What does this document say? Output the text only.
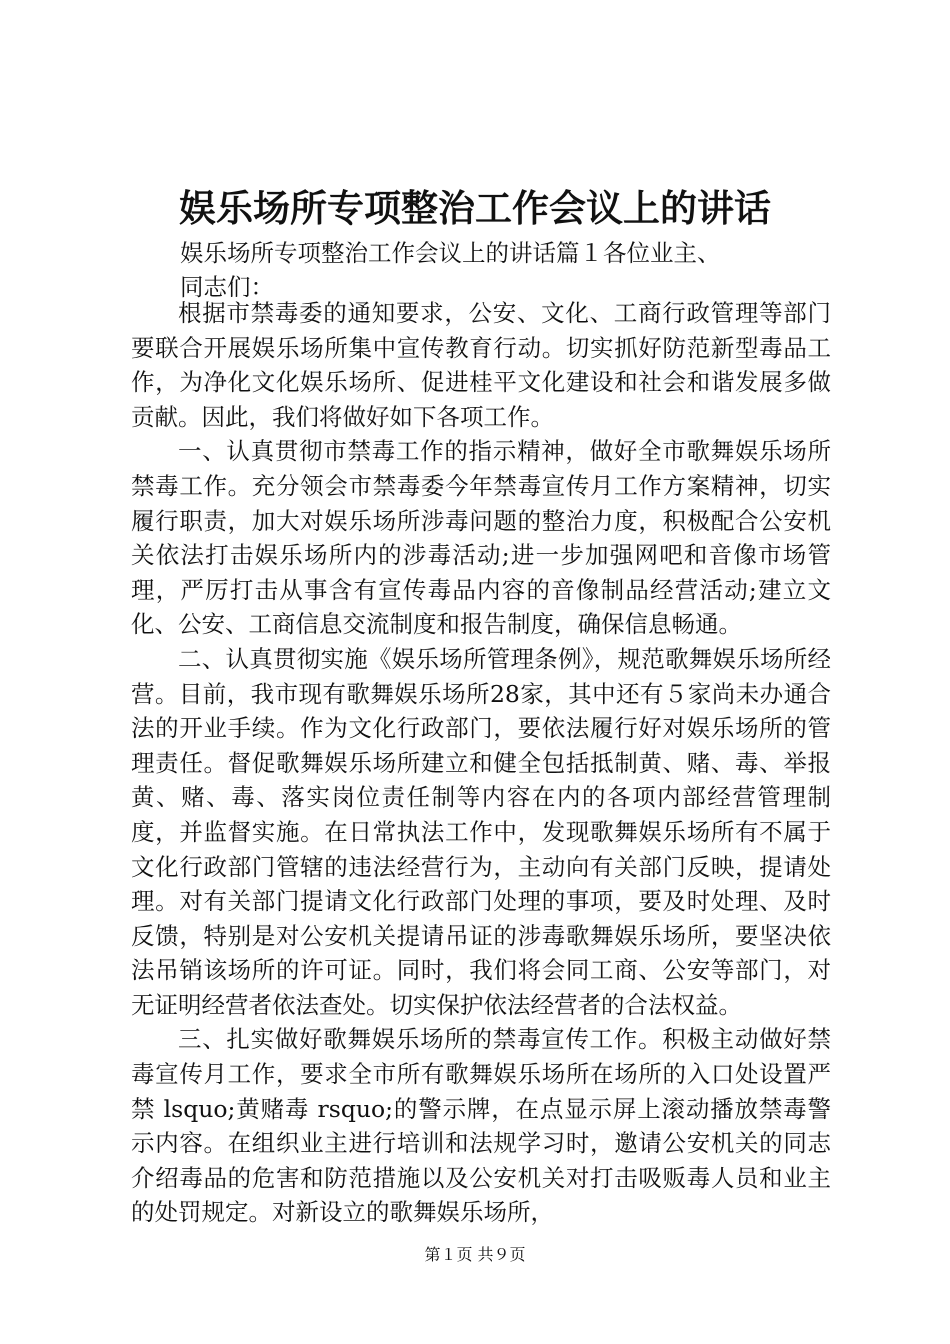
娱乐场所专项整治工作会议上的讲话
娱乐场所专项整治工作会议上的讲话篇１各位业主、
同志们：

根据市禁毒委的通知要求，公安、文化、工商行政管理等部门要联合开展娱乐场所集中宣传教育行动。切实抓好防范新型毒品工作，为净化文化娱乐场所、促进桂平文化建设和社会和谐发展多做贡献。因此，我们将做好如下各项工作。

一、认真贯彻市禁毒工作的指示精神，做好全市歌舞娱乐场所禁毒工作。充分领会市禁毒委今年禁毒宣传月工作方案精神，切实履行职责，加大对娱乐场所涉毒问题的整治力度，积极配合公安机关依法打击娱乐场所内的涉毒活动;进一步加强网吧和音像市场管理，严厉打击从事含有宣传毒品内容的音像制品经营活动;建立文化、公安、工商信息交流制度和报告制度，确保信息畅通。

二、认真贯彻实施《娱乐场所管理条例》，规范歌舞娱乐场所经营。目前，我市现有歌舞娱乐场所28家，其中还有５家尚未办通合法的开业手续。作为文化行政部门，要依法履行好对娱乐场所的管理责任。督促歌舞娱乐场所建立和健全包括抵制黄、赌、毒、举报黄、赌、毒、落实岗位责任制等内容在内的各项内部经营管理制度，并监督实施。在日常执法工作中，发现歌舞娱乐场所有不属于文化行政部门管辖的违法经营行为，主动向有关部门反映，提请处理。对有关部门提请文化行政部门处理的事项，要及时处理、及时反馈，特别是对公安机关提请吊证的涉毒歌舞娱乐场所，要坚决依法吊销该场所的许可证。同时，我们将会同工商、公安等部门，对无证明经营者依法查处。切实保护依法经营者的合法权益。

三、扎实做好歌舞娱乐场所的禁毒宣传工作。积极主动做好禁毒宣传月工作，要求全市所有歌舞娱乐场所在场所的入口处设置严禁 lsquo;黄赌毒 rsquo;的警示牌，在点显示屏上滚动播放禁毒警示内容。在组织业主进行培训和法规学习时，邀请公安机关的同志介绍毒品的危害和防范措施以及公安机关对打击吸贩毒人员和业主的处罚规定。对新设立的歌舞娱乐场所，

第１页 共９页
